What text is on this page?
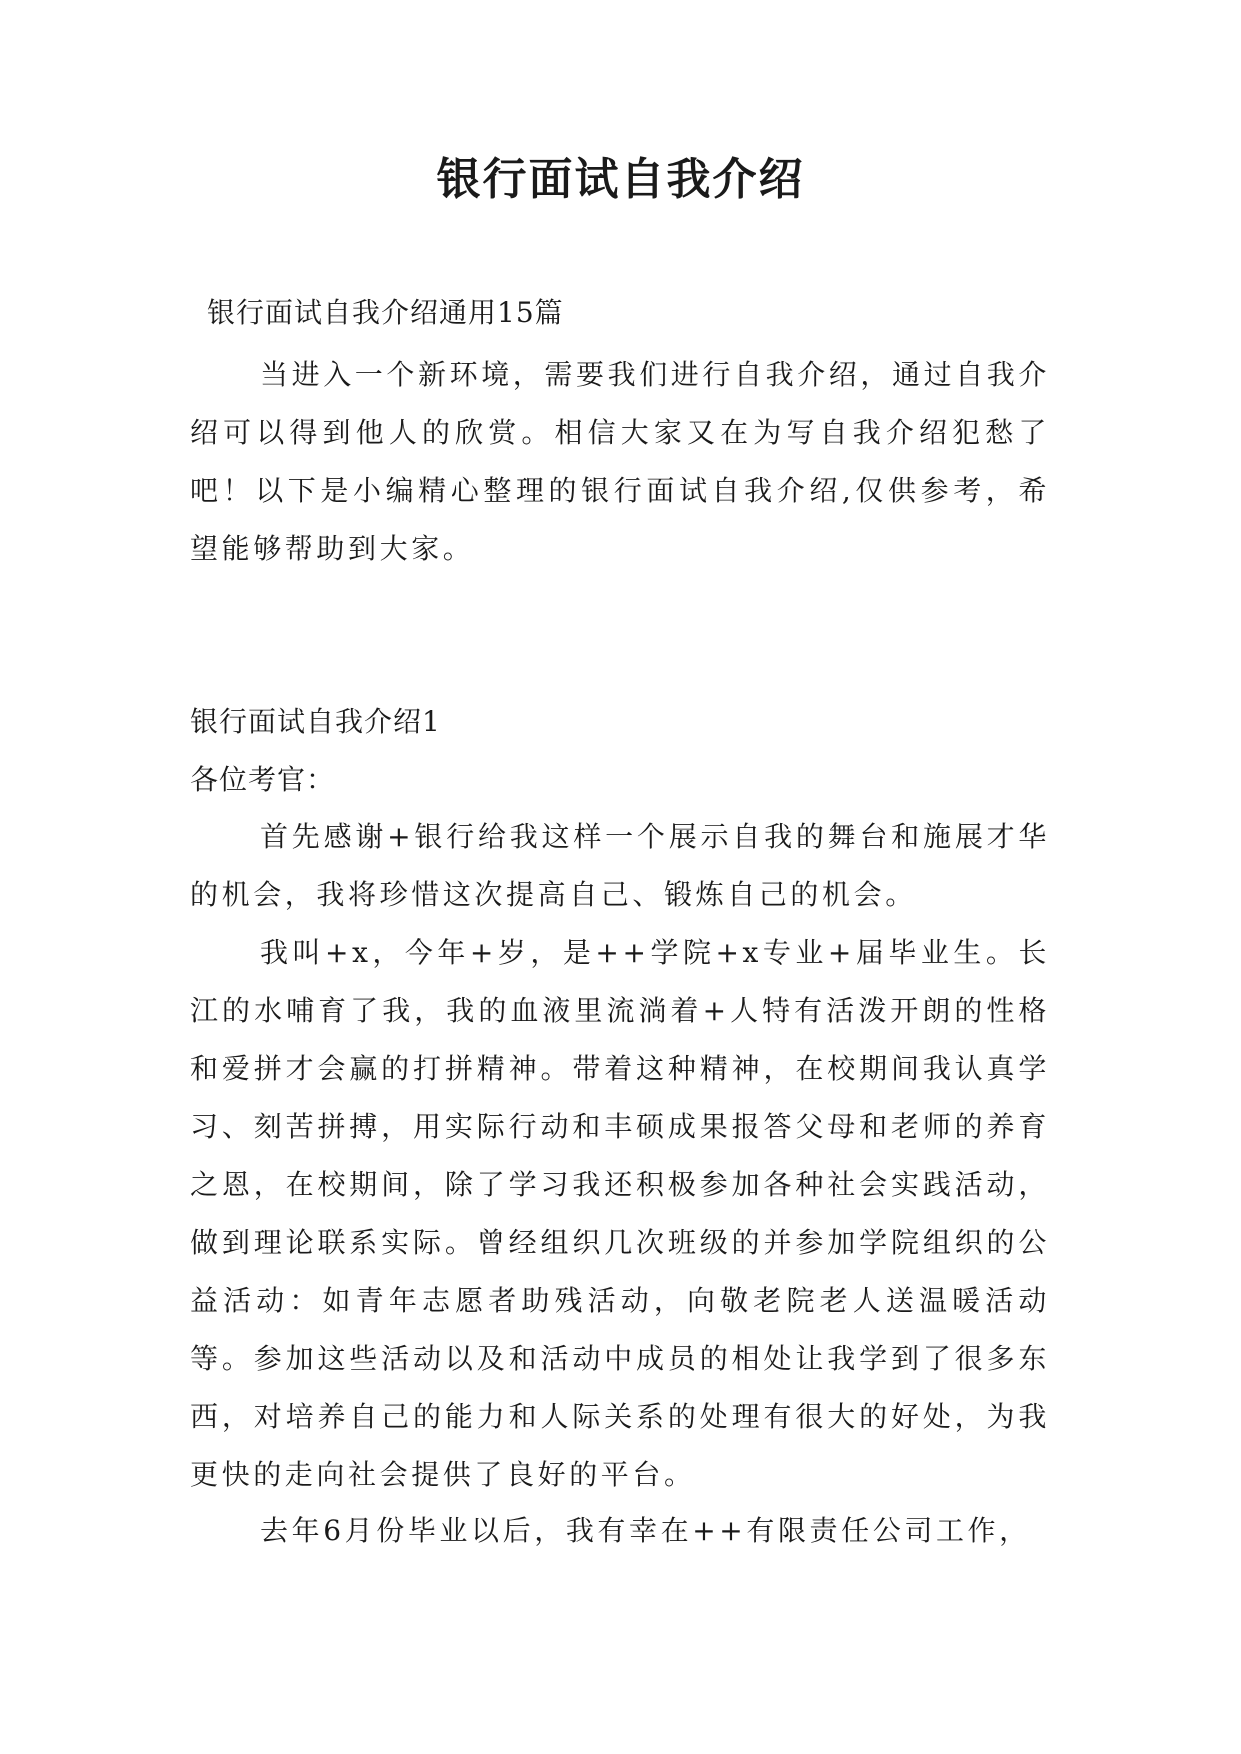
银行面试自我介绍
银行面试自我介绍通用15篇

当进入一个新环境，需要我们进行自我介绍，通过自我介绍可以得到他人的欣赏。相信大家又在为写自我介绍犯愁了吧！以下是小编精心整理的银行面试自我介绍,仅供参考，希望能够帮助到大家。

银行面试自我介绍1
各位考官：

首先感谢+银行给我这样一个展示自我的舞台和施展才华的机会，我将珍惜这次提高自己、锻炼自己的机会。

我叫+x，今年+岁，是++学院+x专业+届毕业生。长江的水哺育了我，我的血液里流淌着+人特有活泼开朗的性格和爱拼才会赢的打拼精神。带着这种精神，在校期间我认真学习、刻苦拼搏，用实际行动和丰硕成果报答父母和老师的养育之恩，在校期间，除了学习我还积极参加各种社会实践活动，做到理论联系实际。曾经组织几次班级的并参加学院组织的公益活动：如青年志愿者助残活动，向敬老院老人送温暖活动等。参加这些活动以及和活动中成员的相处让我学到了很多东西，对培养自己的能力和人际关系的处理有很大的好处，为我更快的走向社会提供了良好的平台。

去年6月份毕业以后，我有幸在++有限责任公司工作，
